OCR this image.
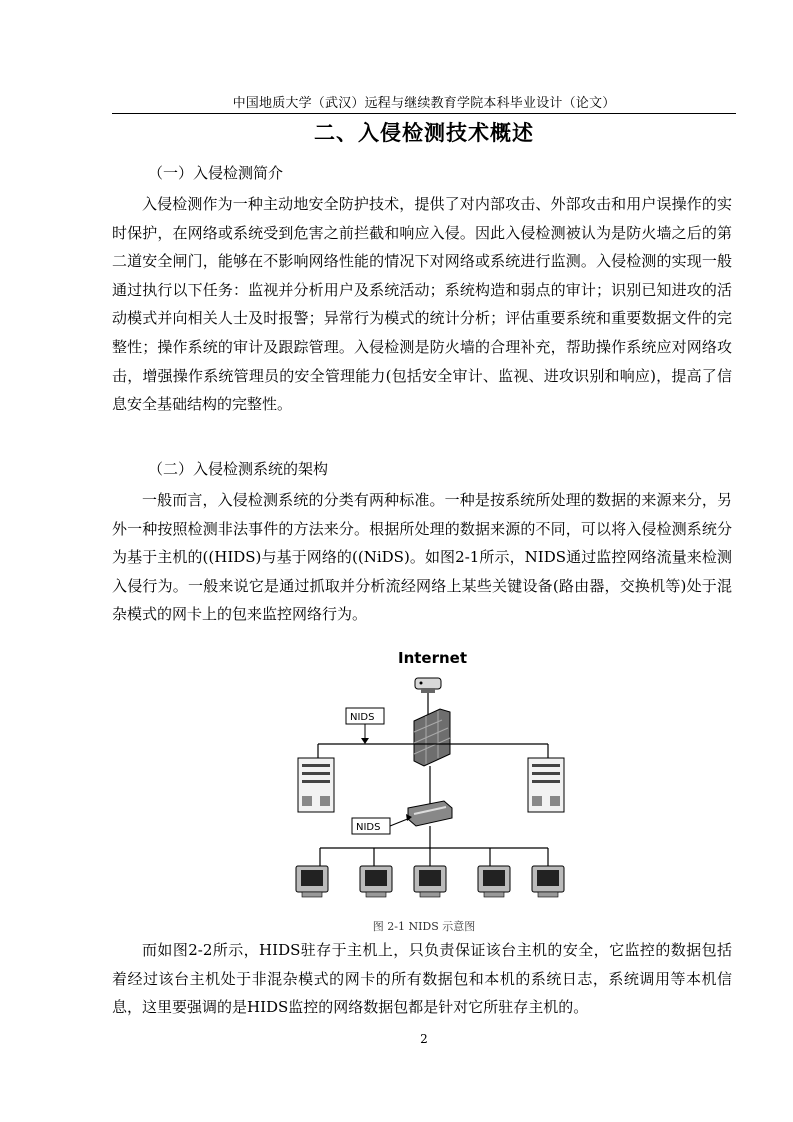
中国地质大学（武汉）远程与继续教育学院本科毕业设计（论文）
二、入侵检测技术概述
（一）入侵检测简介

入侵检测作为一种主动地安全防护技术，提供了对内部攻击、外部攻击和用户误操作的实时保护，在网络或系统受到危害之前拦截和响应入侵。因此入侵检测被认为是防火墙之后的第二道安全闸门，能够在不影响网络性能的情况下对网络或系统进行监测。入侵检测的实现一般通过执行以下任务：监视并分析用户及系统活动；系统构造和弱点的审计；识别已知进攻的活动模式并向相关人士及时报警；异常行为模式的统计分析；评估重要系统和重要数据文件的完整性；操作系统的审计及跟踪管理。入侵检测是防火墙的合理补充，帮助操作系统应对网络攻击，增强操作系统管理员的安全管理能力(包括安全审计、监视、进攻识别和响应)，提高了信息安全基础结构的完整性。

（二）入侵检测系统的架构

一般而言，入侵检测系统的分类有两种标准。一种是按系统所处理的数据的来源来分，另外一种按照检测非法事件的方法来分。根据所处理的数据来源的不同，可以将入侵检测系统分为基于主机的((HIDS)与基于网络的((NiDS)。如图2-1所示，NIDS通过监控网络流量来检测入侵行为。一般来说它是通过抓取并分析流经网络上某些关键设备(路由器，交换机等)处于混杂模式的网卡上的包来监控网络行为。

Internet
NIDS
NIDS
图 2-1 NIDS 示意图

而如图2-2所示，HIDS驻存于主机上，只负责保证该台主机的安全，它监控的数据包括着经过该台主机处于非混杂模式的网卡的所有数据包和本机的系统日志，系统调用等本机信息，这里要强调的是HIDS监控的网络数据包都是针对它所驻存主机的。

2
